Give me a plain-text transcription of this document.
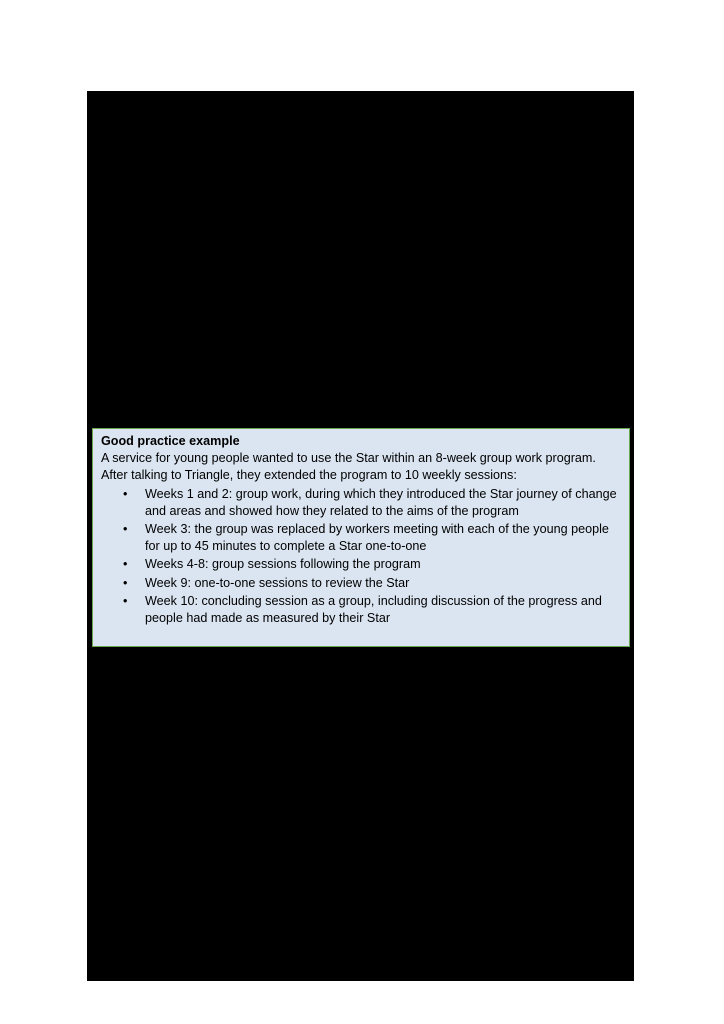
Good practice example

A service for young people wanted to use the Star within an 8-week group work program. After talking to Triangle, they extended the program to 10 weekly sessions:

• Weeks 1 and 2: group work, during which they introduced the Star journey of change and areas and showed how they related to the aims of the program
• Week 3: the group was replaced by workers meeting with each of the young people for up to 45 minutes to complete a Star one-to-one
• Weeks 4-8: group sessions following the program
• Week 9: one-to-one sessions to review the Star
• Week 10: concluding session as a group, including discussion of the progress and people had made as measured by their Star
